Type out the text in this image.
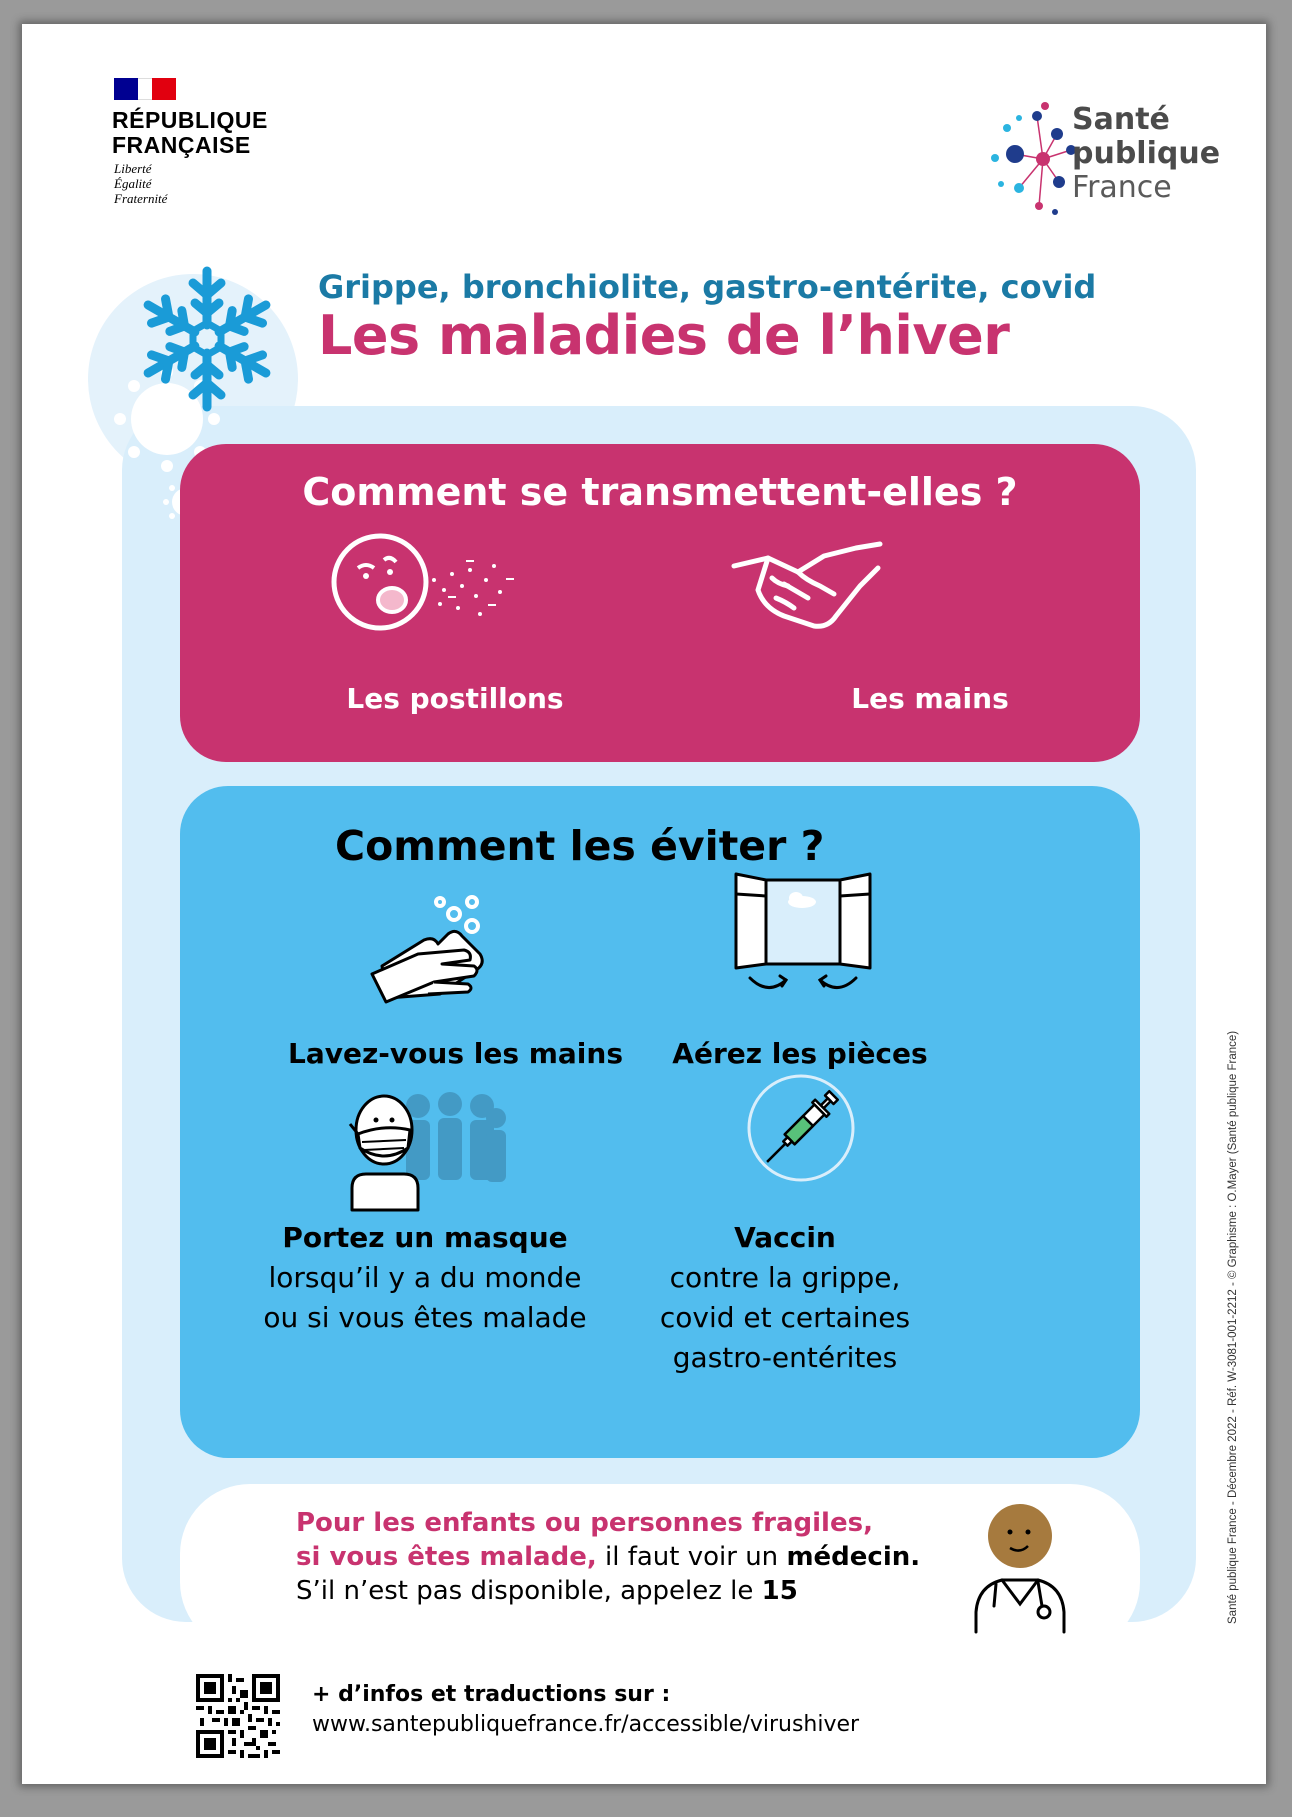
RÉPUBLIQUE
FRANÇAISE
Liberté
Égalité
Fraternité
Santé
publique
France
Grippe, bronchiolite, gastro-entérite, covid
Les maladies de l’hiver
Comment se transmettent-elles ?
Les postillons	Les mains
Comment les éviter ?
Lavez-vous les mains	Aérez les pièces
Portez un masque
lorsqu’il y a du monde
ou si vous êtes malade
Vaccin
contre la grippe,
covid et certaines
gastro-entérites
Pour les enfants ou personnes fragiles,
si vous êtes malade, il faut voir un médecin.
S’il n’est pas disponible, appelez le 15
+ d’infos et traductions sur :
www.santepubliquefrance.fr/accessible/virushiver
Santé publique France - Décembre 2022 - Réf. W-3081-001-2212 - © Graphisme : O.Mayer (Santé publique France)
